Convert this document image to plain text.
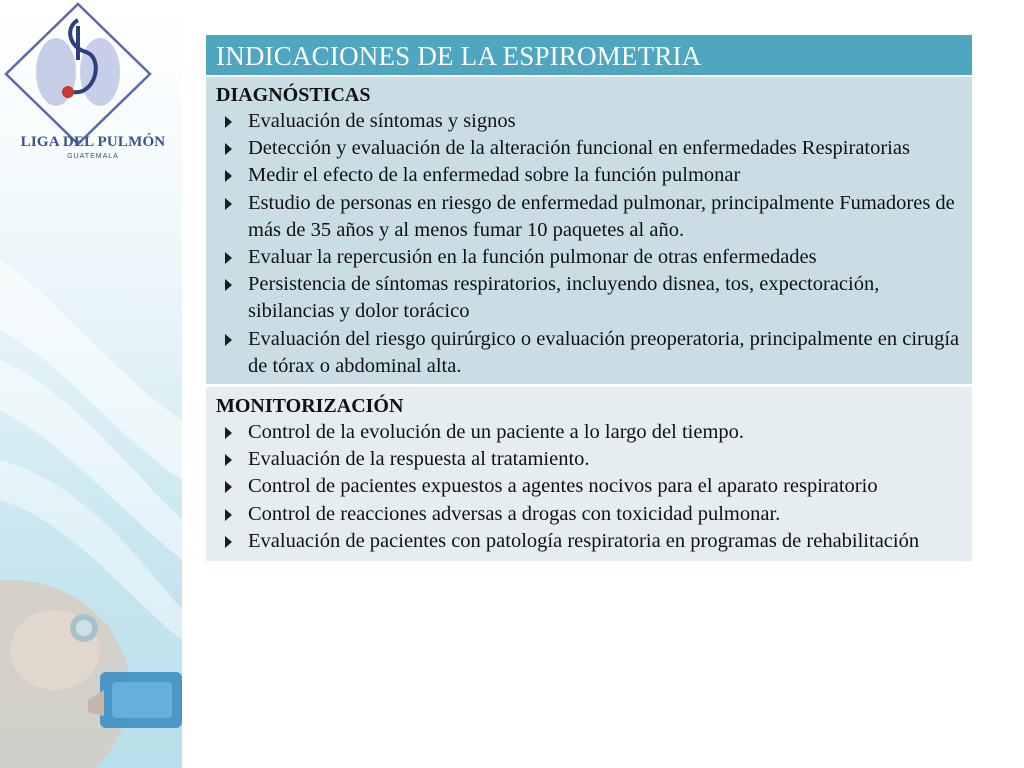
LIGA DEL PULMÓN
GUATEMALA
INDICACIONES DE LA ESPIROMETRIA
DIAGNÓSTICAS
Evaluación de síntomas y signos
Detección y evaluación de la alteración funcional en enfermedades Respiratorias
Medir el efecto de la enfermedad sobre la función pulmonar
Estudio de personas en riesgo de enfermedad pulmonar, principalmente Fumadores de más de 35 años y al menos fumar 10 paquetes al año.
Evaluar la repercusión en la función pulmonar de otras enfermedades
Persistencia de síntomas respiratorios, incluyendo disnea, tos, expectoración, sibilancias y dolor torácico
Evaluación del riesgo quirúrgico o evaluación preoperatoria, principalmente en cirugía de tórax o abdominal alta.
MONITORIZACIÓN
Control de la evolución de un paciente a lo largo del tiempo.
Evaluación de la respuesta al tratamiento.
Control de pacientes expuestos a agentes nocivos para el aparato respiratorio
Control de reacciones adversas a drogas con toxicidad pulmonar.
Evaluación de pacientes con patología respiratoria en programas de rehabilitación
